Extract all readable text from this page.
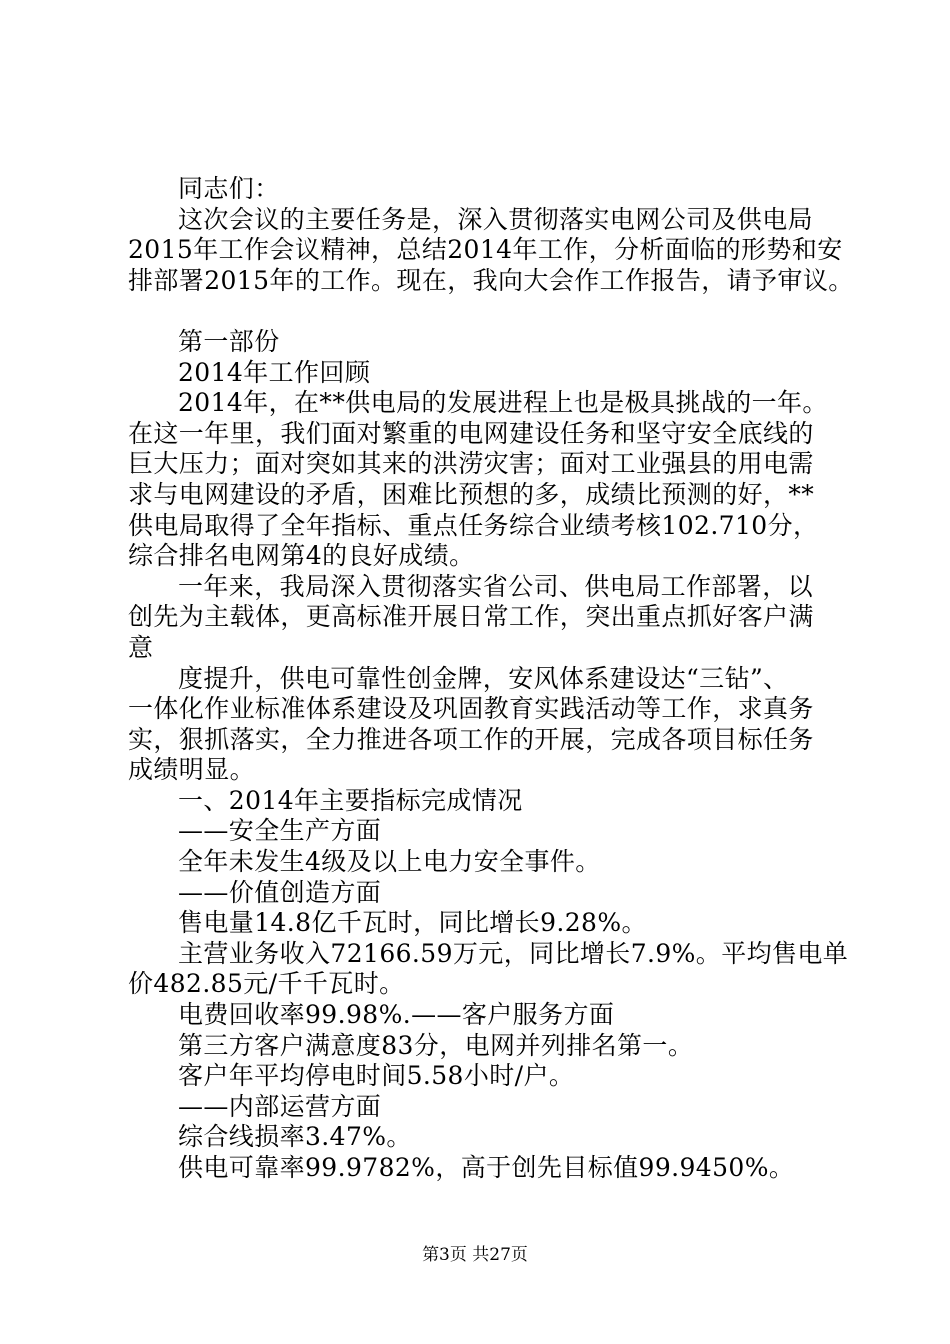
同志们：
这次会议的主要任务是，深入贯彻落实电网公司及供电局
2015年工作会议精神，总结2014年工作，分析面临的形势和安
排部署2015年的工作。现在，我向大会作工作报告，请予审议。
第一部份
2014年工作回顾
2014年，在**供电局的发展进程上也是极具挑战的一年。
在这一年里，我们面对繁重的电网建设任务和坚守安全底线的
巨大压力；面对突如其来的洪涝灾害；面对工业强县的用电需
求与电网建设的矛盾，困难比预想的多，成绩比预测的好，**
供电局取得了全年指标、重点任务综合业绩考核102.710分，
综合排名电网第4的良好成绩。
一年来，我局深入贯彻落实省公司、供电局工作部署，以
创先为主载体，更高标准开展日常工作，突出重点抓好客户满
意
度提升，供电可靠性创金牌，安风体系建设达“三钻”、
一体化作业标准体系建设及巩固教育实践活动等工作，求真务
实，狠抓落实，全力推进各项工作的开展，完成各项目标任务
成绩明显。
一、2014年主要指标完成情况
——安全生产方面
全年未发生4级及以上电力安全事件。
——价值创造方面
售电量14.8亿千瓦时，同比增长9.28%。
主营业务收入72166.59万元，同比增长7.9%。平均售电单
价482.85元/千千瓦时。
电费回收率99.98%.——客户服务方面
第三方客户满意度83分，电网并列排名第一。
客户年平均停电时间5.58小时/户。
——内部运营方面
综合线损率3.47%。
供电可靠率99.9782%，高于创先目标值99.9450%。
第3页 共27页
